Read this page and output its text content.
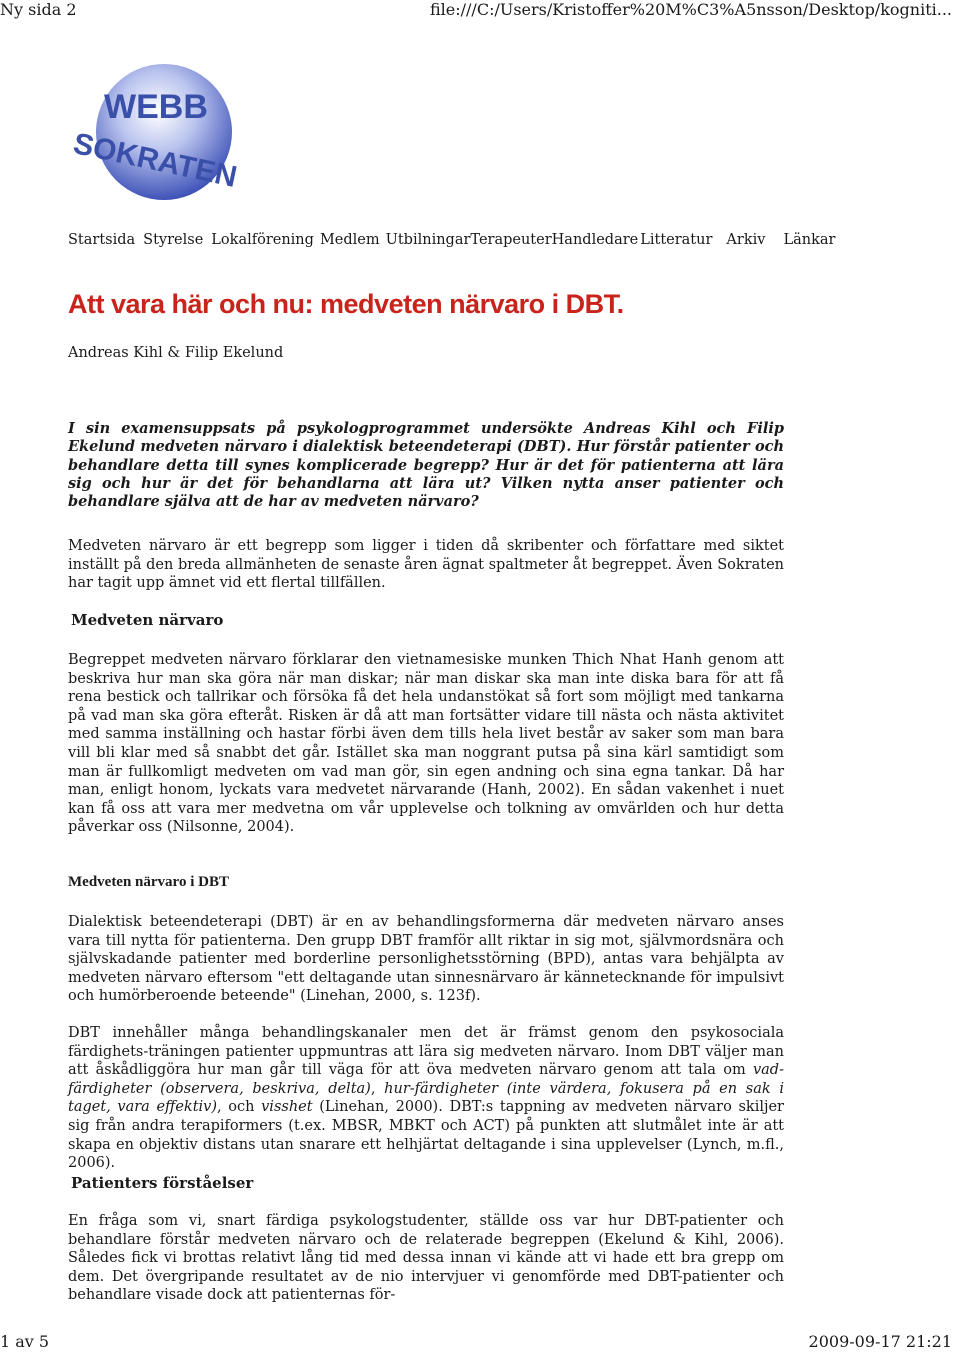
Ny sida 2	file:///C:/Users/Kristoffer%20M%C3%A5nsson/Desktop/kogniti...
WEBB
SOKRATEN
Startsida Styrelse Lokalförening Medlem Utbilningar Terapeuter Handledare Litteratur Arkiv Länkar
Att vara här och nu: medveten närvaro i DBT.
Andreas Kihl & Filip Ekelund

I sin examensuppsats på psykologprogrammet undersökte Andreas Kihl och Filip Ekelund medveten närvaro i dialektisk beteendeterapi (DBT). Hur förstår patienter och behandlare detta till synes komplicerade begrepp? Hur är det för patienterna att lära sig och hur är det för behandlarna att lära ut? Vilken nytta anser patienter och behandlare själva att de har av medveten närvaro?

Medveten närvaro är ett begrepp som ligger i tiden då skribenter och författare med siktet inställt på den breda allmänheten de senaste åren ägnat spaltmeter åt begreppet. Även Sokraten har tagit upp ämnet vid ett flertal tillfällen.

Medveten närvaro

Begreppet medveten närvaro förklarar den vietnamesiske munken Thich Nhat Hanh genom att beskriva hur man ska göra när man diskar; när man diskar ska man inte diska bara för att få rena bestick och tallrikar och försöka få det hela undanstökat så fort som möjligt med tankarna på vad man ska göra efteråt. Risken är då att man fortsätter vidare till nästa och nästa aktivitet med samma inställning och hastar förbi även dem tills hela livet består av saker som man bara vill bli klar med så snabbt det går. Istället ska man noggrant putsa på sina kärl samtidigt som man är fullkomligt medveten om vad man gör, sin egen andning och sina egna tankar. Då har man, enligt honom, lyckats vara medvetet närvarande (Hanh, 2002). En sådan vakenhet i nuet kan få oss att vara mer medvetna om vår upplevelse och tolkning av omvärlden och hur detta påverkar oss (Nilsonne, 2004).

Medveten närvaro i DBT

Dialektisk beteendeterapi (DBT) är en av behandlingsformerna där medveten närvaro anses vara till nytta för patienterna. Den grupp DBT framför allt riktar in sig mot, självmordsnära och självskadande patienter med borderline personlighetsstörning (BPD), antas vara behjälpta av medveten närvaro eftersom "ett deltagande utan sinnesnärvaro är kännetecknande för impulsivt och humörberoende beteende" (Linehan, 2000, s. 123f).

DBT innehåller många behandlingskanaler men det är främst genom den psykosociala färdighets-träningen patienter uppmuntras att lära sig medveten närvaro. Inom DBT väljer man att åskådliggöra hur man går till väga för att öva medveten närvaro genom att tala om vad-färdigheter (observera, beskriva, delta), hur-färdigheter (inte värdera, fokusera på en sak i taget, vara effektiv), och visshet (Linehan, 2000). DBT:s tappning av medveten närvaro skiljer sig från andra terapiformers (t.ex. MBSR, MBKT och ACT) på punkten att slutmålet inte är att skapa en objektiv distans utan snarare ett helhjärtat deltagande i sina upplevelser (Lynch, m.fl., 2006).

Patienters förståelser

En fråga som vi, snart färdiga psykologstudenter, ställde oss var hur DBT-patienter och behandlare förstår medveten närvaro och de relaterade begreppen (Ekelund & Kihl, 2006). Således fick vi brottas relativt lång tid med dessa innan vi kände att vi hade ett bra grepp om dem. Det övergripande resultatet av de nio intervjuer vi genomförde med DBT-patienter och behandlare visade dock att patienternas för-

1 av 5	2009-09-17 21:21
